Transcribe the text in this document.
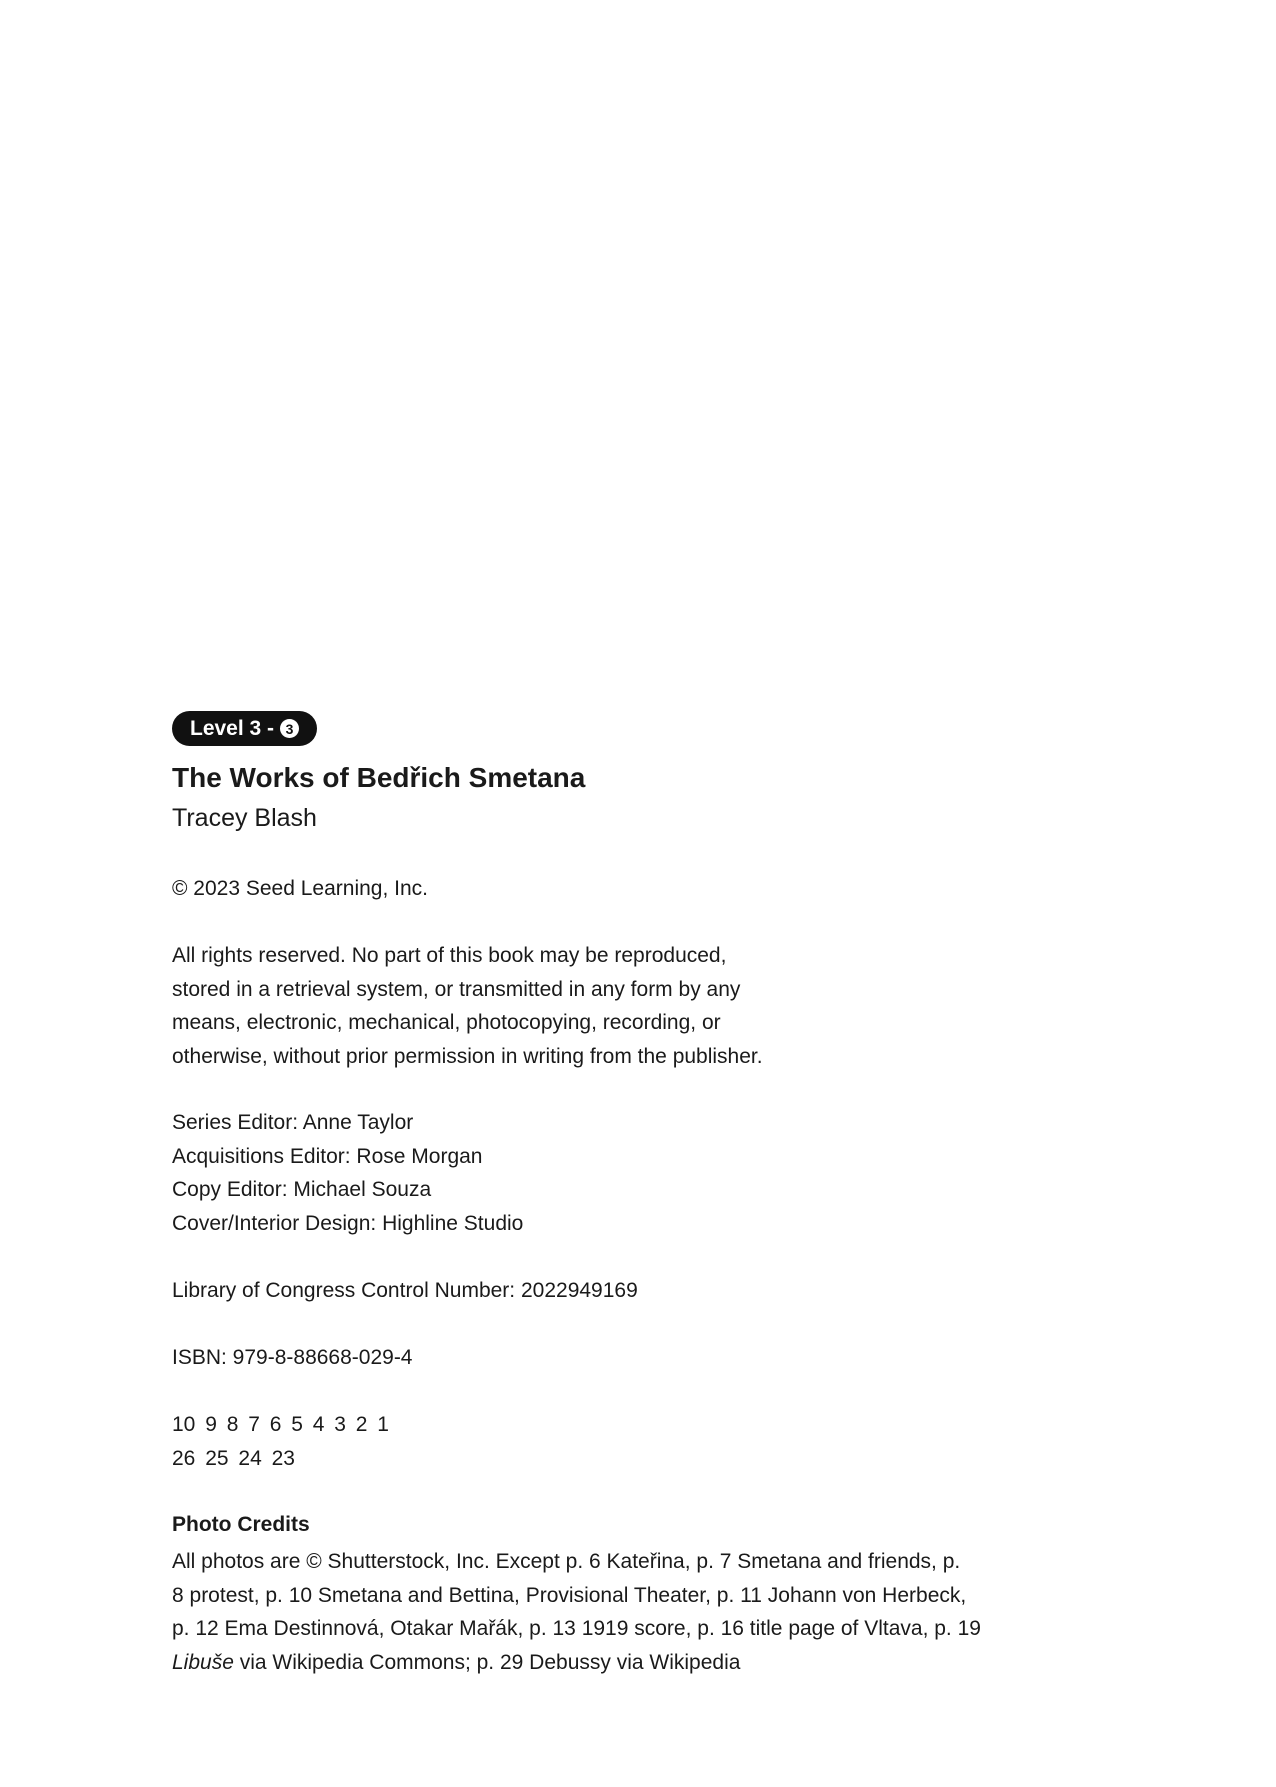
Level 3 - 3
The Works of Bedřich Smetana
Tracey Blash
© 2023 Seed Learning, Inc.
All rights reserved. No part of this book may be reproduced,
stored in a retrieval system, or transmitted in any form by any
means, electronic, mechanical, photocopying, recording, or
otherwise, without prior permission in writing from the publisher.
Series Editor: Anne Taylor
Acquisitions Editor: Rose Morgan
Copy Editor: Michael Souza
Cover/Interior Design: Highline Studio
Library of Congress Control Number: 2022949169
ISBN: 979-8-88668-029-4
10 9 8 7 6 5 4 3 2 1
26 25 24 23
Photo Credits
All photos are © Shutterstock, Inc. Except p. 6 Kateřina, p. 7 Smetana and friends, p.
8 protest, p. 10 Smetana and Bettina, Provisional Theater, p. 11 Johann von Herbeck,
p. 12 Ema Destinnová, Otakar Mařák, p. 13 1919 score, p. 16 title page of Vltava, p. 19
Libuše via Wikipedia Commons; p. 29 Debussy via Wikipedia
